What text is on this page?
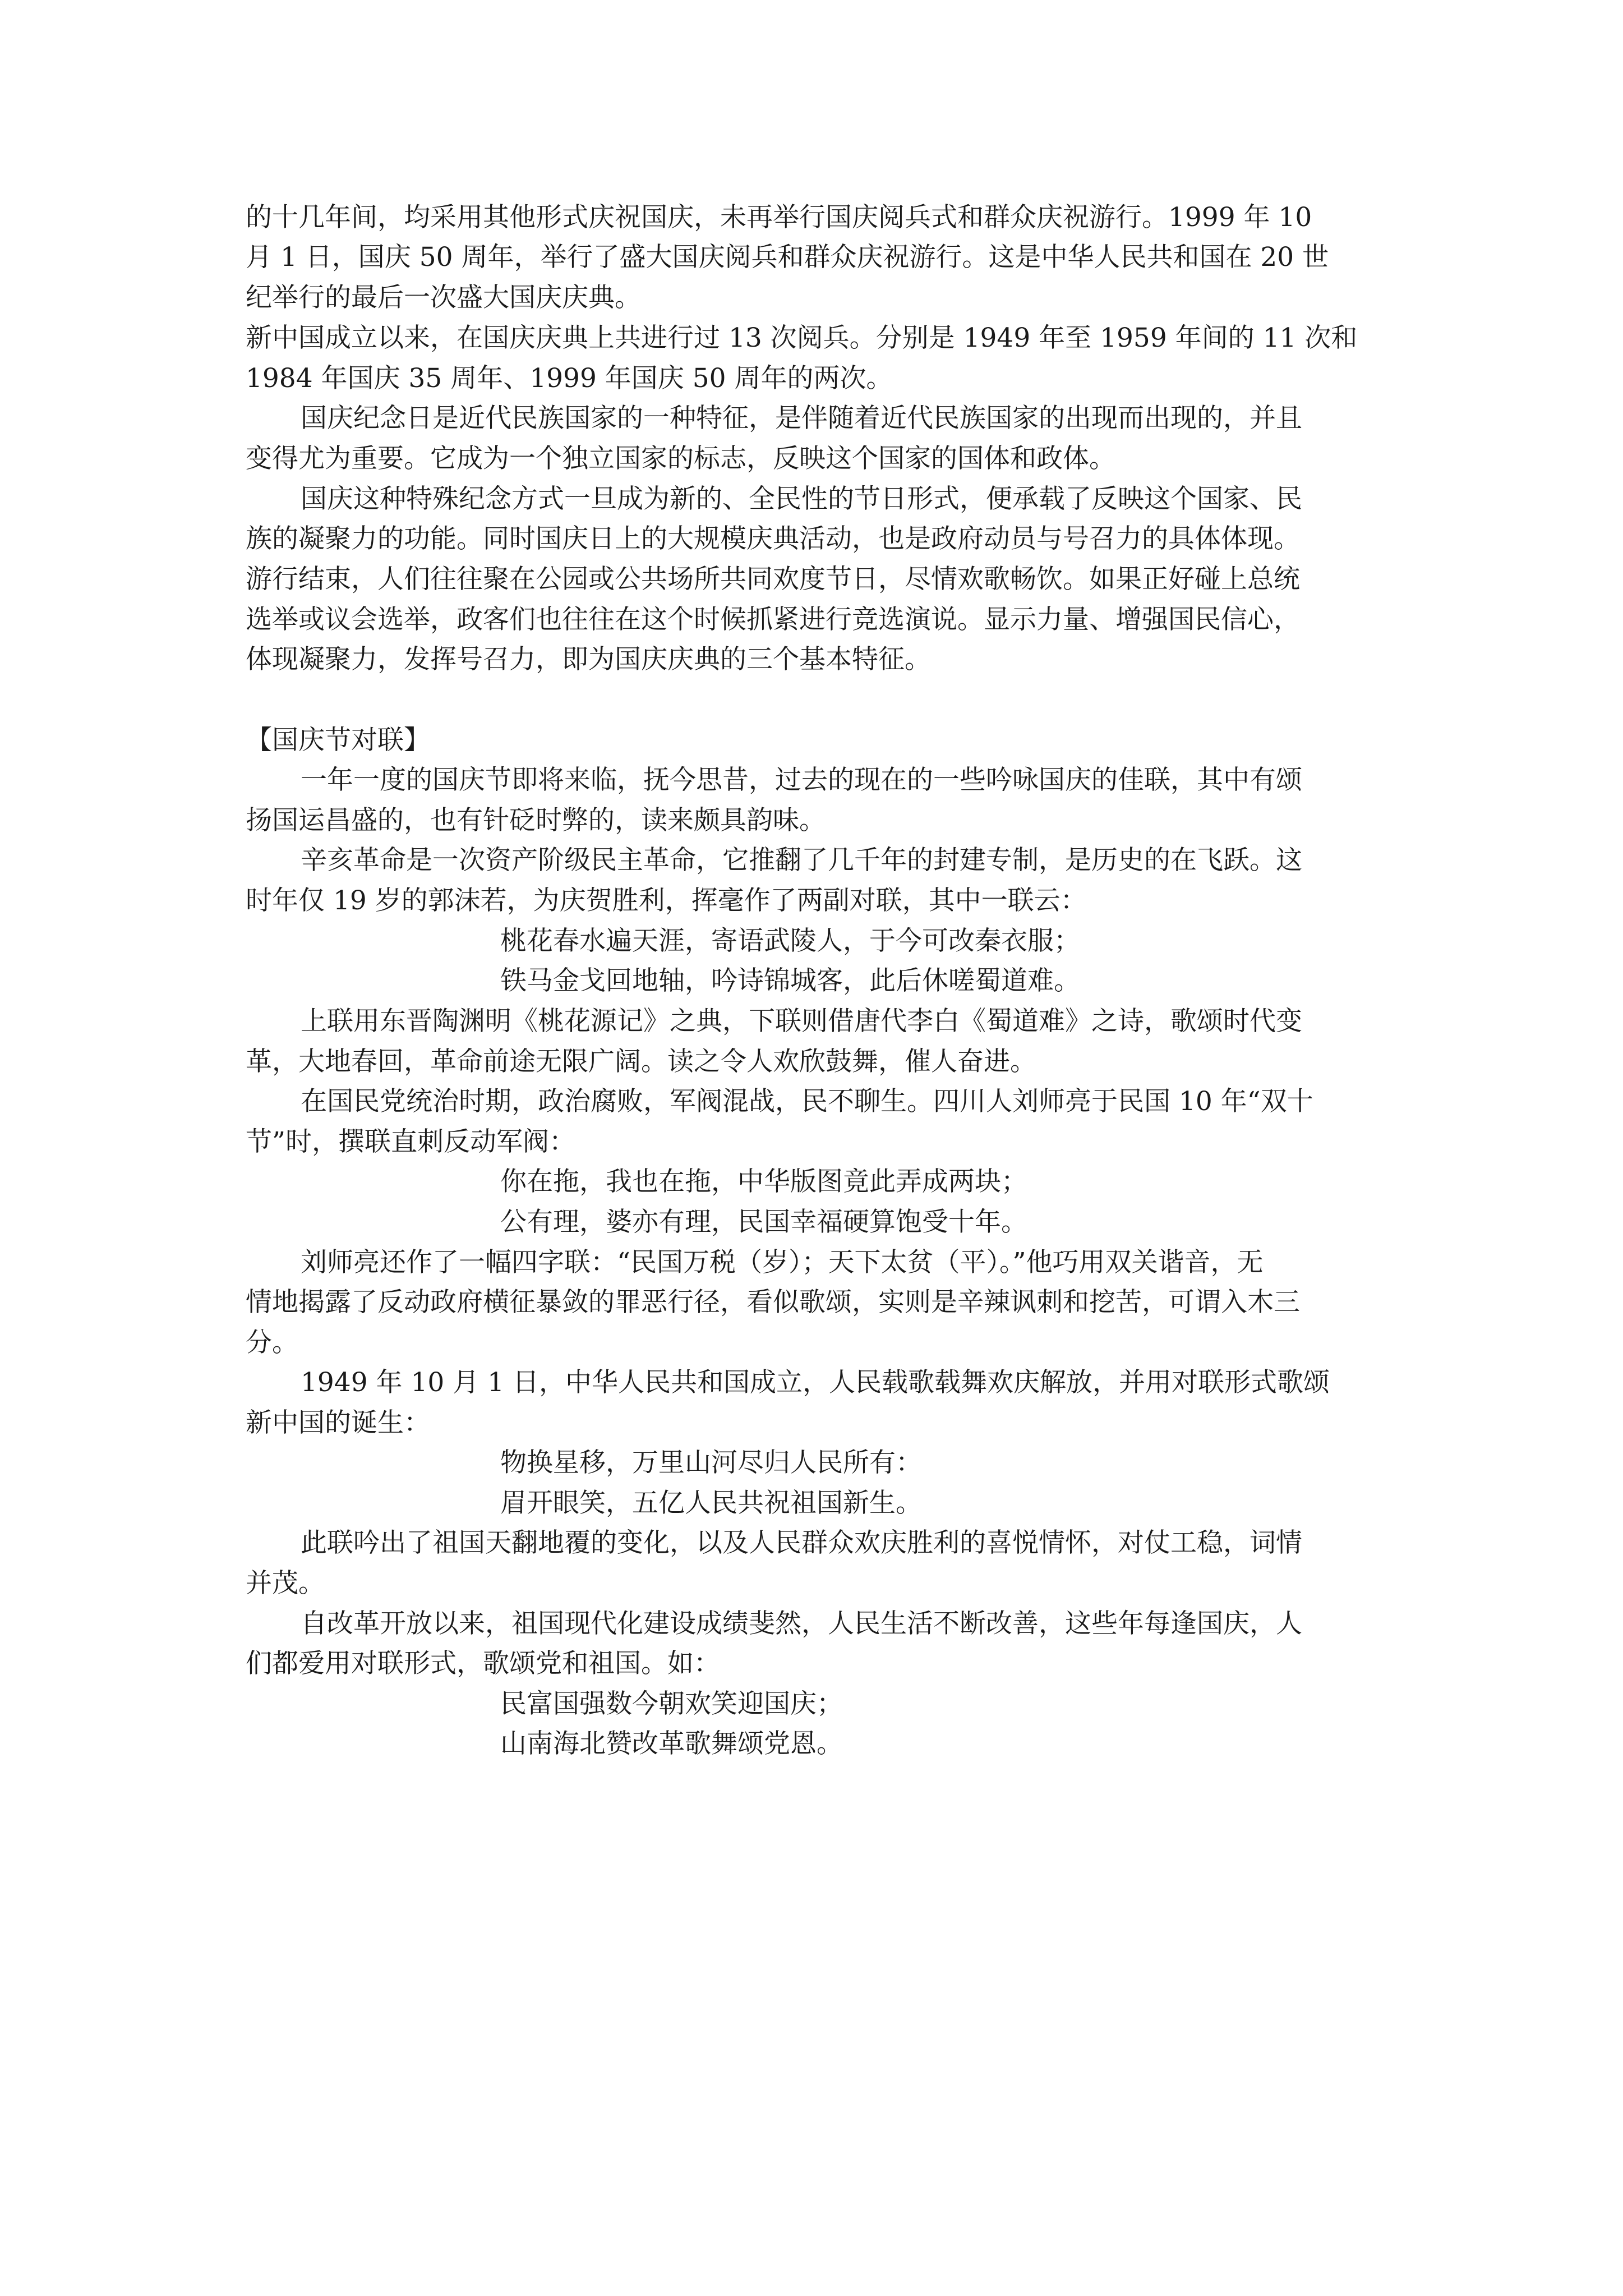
的十几年间，均采用其他形式庆祝国庆，未再举行国庆阅兵式和群众庆祝游行。1999 年 10
月 1 日，国庆 50 周年，举行了盛大国庆阅兵和群众庆祝游行。这是中华人民共和国在 20 世
纪举行的最后一次盛大国庆庆典。
新中国成立以来，在国庆庆典上共进行过 13 次阅兵。分别是 1949 年至 1959 年间的 11 次和
1984 年国庆 35 周年、1999 年国庆 50 周年的两次。
国庆纪念日是近代民族国家的一种特征，是伴随着近代民族国家的出现而出现的，并且
变得尤为重要。它成为一个独立国家的标志，反映这个国家的国体和政体。
国庆这种特殊纪念方式一旦成为新的、全民性的节日形式，便承载了反映这个国家、民
族的凝聚力的功能。同时国庆日上的大规模庆典活动，也是政府动员与号召力的具体体现。
游行结束，人们往往聚在公园或公共场所共同欢度节日，尽情欢歌畅饮。如果正好碰上总统
选举或议会选举，政客们也往往在这个时候抓紧进行竞选演说。显示力量、增强国民信心，
体现凝聚力，发挥号召力，即为国庆庆典的三个基本特征。
【国庆节对联】
一年一度的国庆节即将来临，抚今思昔，过去的现在的一些吟咏国庆的佳联，其中有颂
扬国运昌盛的，也有针砭时弊的，读来颇具韵味。
辛亥革命是一次资产阶级民主革命，它推翻了几千年的封建专制，是历史的在飞跃。这
时年仅 19 岁的郭沫若，为庆贺胜利，挥毫作了两副对联，其中一联云：
桃花春水遍天涯，寄语武陵人，于今可改秦衣服；
铁马金戈回地轴，吟诗锦城客，此后休嗟蜀道难。
上联用东晋陶渊明《桃花源记》之典，下联则借唐代李白《蜀道难》之诗，歌颂时代变
革，大地春回，革命前途无限广阔。读之令人欢欣鼓舞，催人奋进。
在国民党统治时期，政治腐败，军阀混战，民不聊生。四川人刘师亮于民国 10 年“双十
节”时，撰联直刺反动军阀：
你在拖，我也在拖，中华版图竟此弄成两块；
公有理，婆亦有理，民国幸福硬算饱受十年。
刘师亮还作了一幅四字联：“民国万税（岁）；天下太贫（平）。”他巧用双关谐音，无
情地揭露了反动政府横征暴敛的罪恶行径，看似歌颂，实则是辛辣讽刺和挖苦，可谓入木三
分。
1949 年 10 月 1 日，中华人民共和国成立，人民载歌载舞欢庆解放，并用对联形式歌颂
新中国的诞生：
物换星移，万里山河尽归人民所有：
眉开眼笑，五亿人民共祝祖国新生。
此联吟出了祖国天翻地覆的变化，以及人民群众欢庆胜利的喜悦情怀，对仗工稳，词情
并茂。
自改革开放以来，祖国现代化建设成绩斐然，人民生活不断改善，这些年每逢国庆，人
们都爱用对联形式，歌颂党和祖国。如：
民富国强数今朝欢笑迎国庆；
山南海北赞改革歌舞颂党恩。
